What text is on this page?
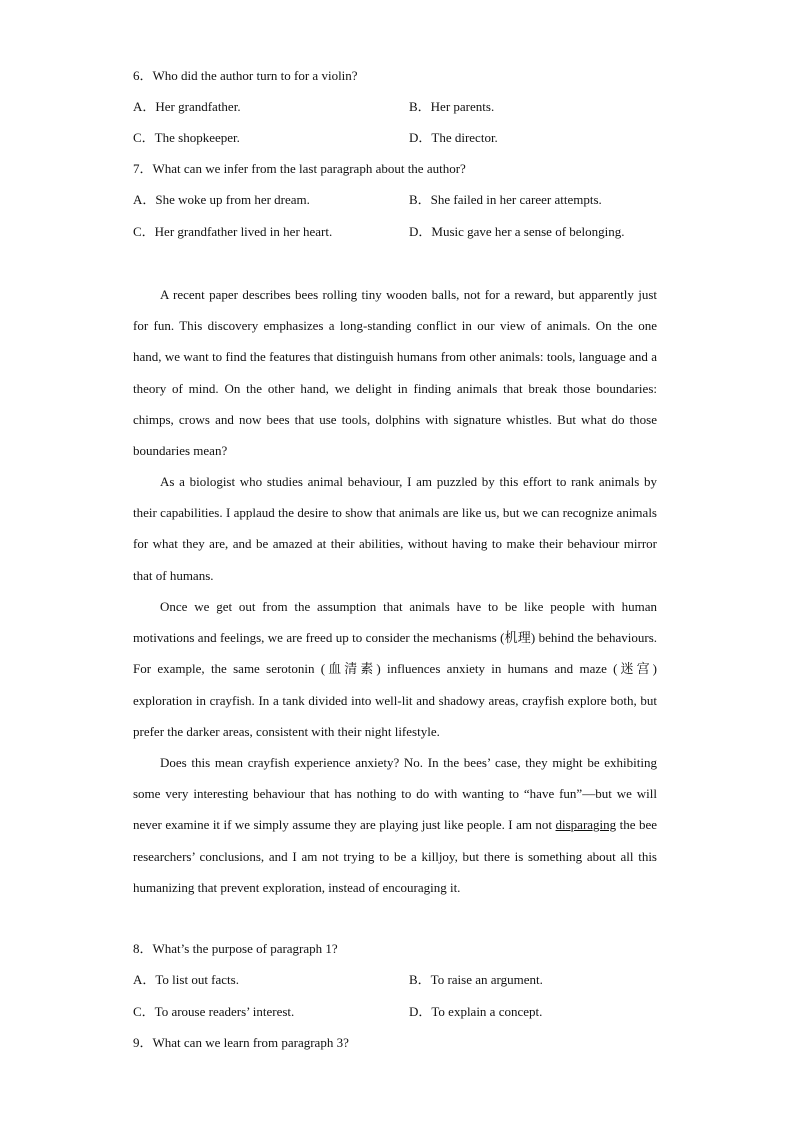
6．Who did the author turn to for a violin?
A．Her grandfather.	B．Her parents.
C．The shopkeeper.	D．The director.
7．What can we infer from the last paragraph about the author?
A．She woke up from her dream.	B．She failed in her career attempts.
C．Her grandfather lived in her heart.	D．Music gave her a sense of belonging.

A recent paper describes bees rolling tiny wooden balls, not for a reward, but apparently just for fun. This discovery emphasizes a long-standing conflict in our view of animals. On the one hand, we want to find the features that distinguish humans from other animals: tools, language and a theory of mind. On the other hand, we delight in finding animals that break those boundaries: chimps, crows and now bees that use tools, dolphins with signature whistles. But what do those boundaries mean?

As a biologist who studies animal behaviour, I am puzzled by this effort to rank animals by their capabilities. I applaud the desire to show that animals are like us, but we can recognize animals for what they are, and be amazed at their abilities, without having to make their behaviour mirror that of humans.

Once we get out from the assumption that animals have to be like people with human motivations and feelings, we are freed up to consider the mechanisms (机理) behind the behaviours. For example, the same serotonin (血清素) influences anxiety in humans and maze (迷宫) exploration in crayfish. In a tank divided into well-lit and shadowy areas, crayfish explore both, but prefer the darker areas, consistent with their night lifestyle.

Does this mean crayfish experience anxiety? No. In the bees’ case, they might be exhibiting some very interesting behaviour that has nothing to do with wanting to “have fun”—but we will never examine it if we simply assume they are playing just like people. I am not disparaging the bee researchers’ conclusions, and I am not trying to be a killjoy, but there is something about all this humanizing that prevent exploration, instead of encouraging it.

8．What’s the purpose of paragraph 1?
A．To list out facts.	B．To raise an argument.
C．To arouse readers’ interest.	D．To explain a concept.
9．What can we learn from paragraph 3?
